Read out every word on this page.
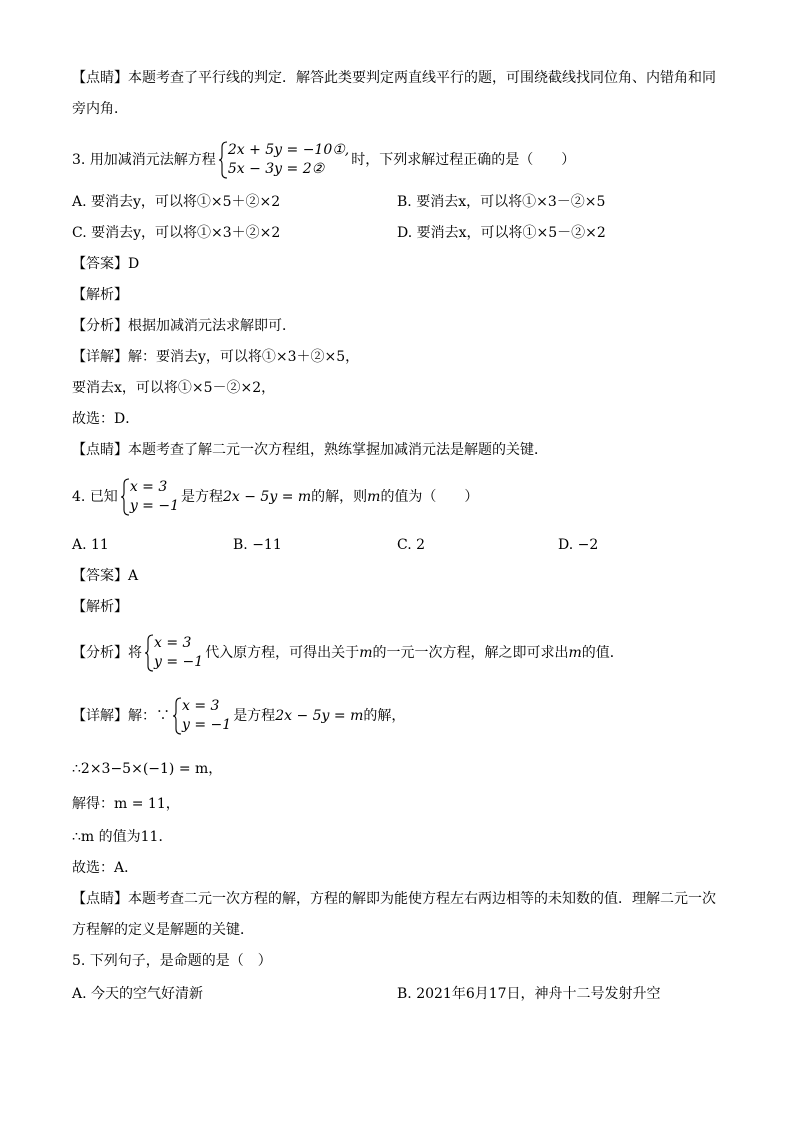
【点睛】本题考查了平行线的判定．解答此类要判定两直线平行的题，可围绕截线找同位角、内错角和同
旁内角．
3. 用加减消元法解方程
2x + 5y = −10①,
5x − 3y = 2②
时，下列求解过程正确的是（　　）
A. 要消去y，可以将①×5＋②×2	B. 要消去x，可以将①×3－②×5
C. 要消去y，可以将①×3＋②×2	D. 要消去x，可以将①×5－②×2
【答案】D
【解析】
【分析】根据加减消元法求解即可．
【详解】解：要消去y，可以将①×3＋②×5，
要消去x，可以将①×5－②×2，
故选：D．
【点睛】本题考查了解二元一次方程组，熟练掌握加减消元法是解题的关键．
4. 已知
x = 3
y = −1
是方程2x − 5y = m的解，则m的值为（　　）
A. 11	B. −11	C. 2	D. −2
【答案】A
【解析】
【分析】将
x = 3
y = −1
代入原方程，可得出关于m的一元一次方程，解之即可求出m的值．
【详解】解：∵
x = 3
y = −1
是方程2x − 5y = m的解，
∴2×3−5×(−1) = m，
解得：m = 11，
∴m 的值为11．
故选：A．
【点睛】本题考查二元一次方程的解，方程的解即为能使方程左右两边相等的未知数的值．理解二元一次
方程解的定义是解题的关键．
5. 下列句子，是命题的是（　）
A. 今天的空气好清新	B. 2021年6月17日，神舟十二号发射升空
